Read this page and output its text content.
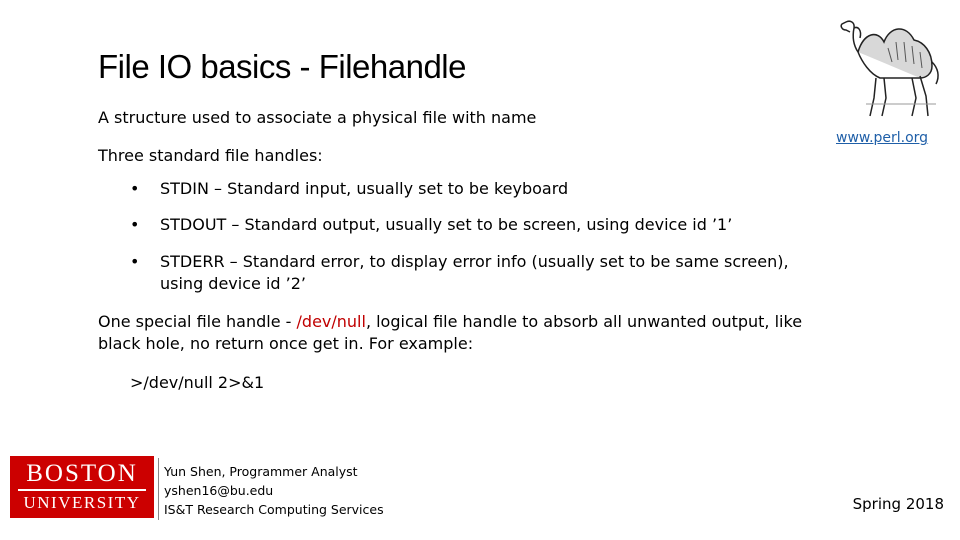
File IO basics - Filehandle
A structure used to associate a physical file with name
Three standard file handles:
•	STDIN – Standard input, usually set to be keyboard
•	STDOUT – Standard output, usually set to be screen, using device id ’1’
•	STDERR – Standard error, to display error info (usually set to be same screen), using device id ’2’
One special file handle - /dev/null, logical file handle to absorb all unwanted output, like black hole, no return once get in. For example:
>/dev/null 2>&1
www.perl.org
BOSTON
UNIVERSITY
Yun Shen, Programmer Analyst
yshen16@bu.edu
IS&T Research Computing Services	Spring 2018
